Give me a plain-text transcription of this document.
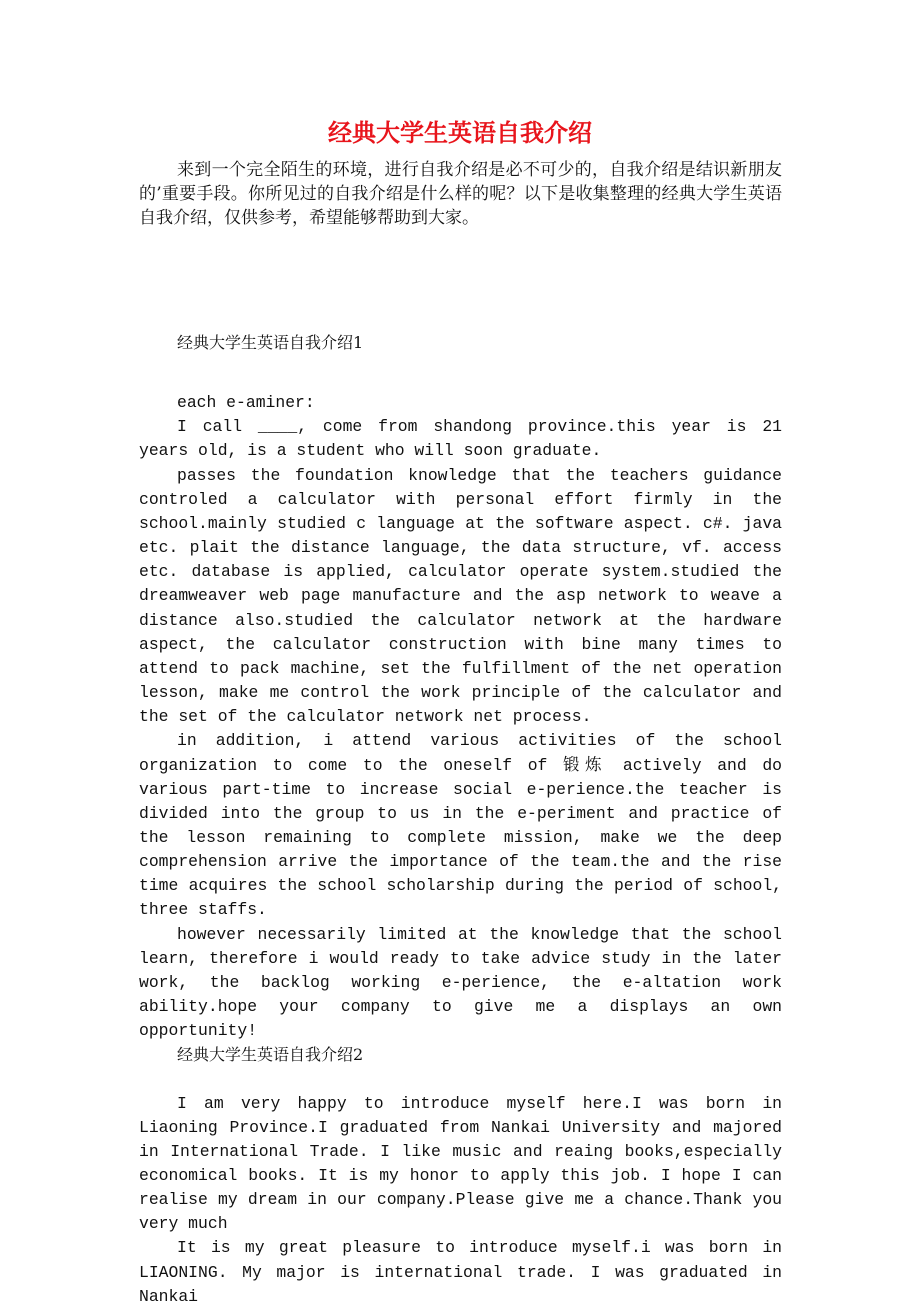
经典大学生英语自我介绍

来到一个完全陌生的环境，进行自我介绍是必不可少的，自我介绍是结识新朋友的’重要手段。你所见过的自我介绍是什么样的呢？以下是收集整理的经典大学生英语自我介绍，仅供参考，希望能够帮助到大家。

经典大学生英语自我介绍1

each e-aminer:

I call ____, come from shandong province.this year is 21 years old, is a student who will soon graduate.

passes the foundation knowledge that the teachers guidance controled a calculator with personal effort firmly in the school.mainly studied c language at the software aspect. c#. java etc. plait the distance language, the data structure, vf. access etc. database is applied, calculator operate system.studied the dreamweaver web page manufacture and the asp network to weave a distance also.studied the calculator network at the hardware aspect, the calculator construction with bine many times to attend to pack machine, set the fulfillment of the net operation lesson, make me control the work principle of the calculator and the set of the calculator network net process.

in addition, i attend various activities of the school organization to come to the oneself of 锻炼 actively and do various part-time to increase social e-perience.the teacher is divided into the group to us in the e-periment and practice of the lesson remaining to complete mission, make we the deep comprehension arrive the importance of the team.the and the rise time acquires the school scholarship during the period of school, three staffs.

however necessarily limited at the knowledge that the school learn, therefore i would ready to take advice study in the later work, the backlog working e-perience, the e-altation work ability.hope your company to give me a displays an own opportunity!

经典大学生英语自我介绍2

I am very happy to introduce myself here.I was born in Liaoning Province.I graduated from Nankai University and majored in International Trade. I like music and reaing books,especially economical books. It is my honor to apply this job. I hope I can realise my dream in our company.Please give me a chance.Thank you very much

It is my great pleasure to introduce myself.i was born in LIAONING. My major is international trade. I was graduated in Nankai
